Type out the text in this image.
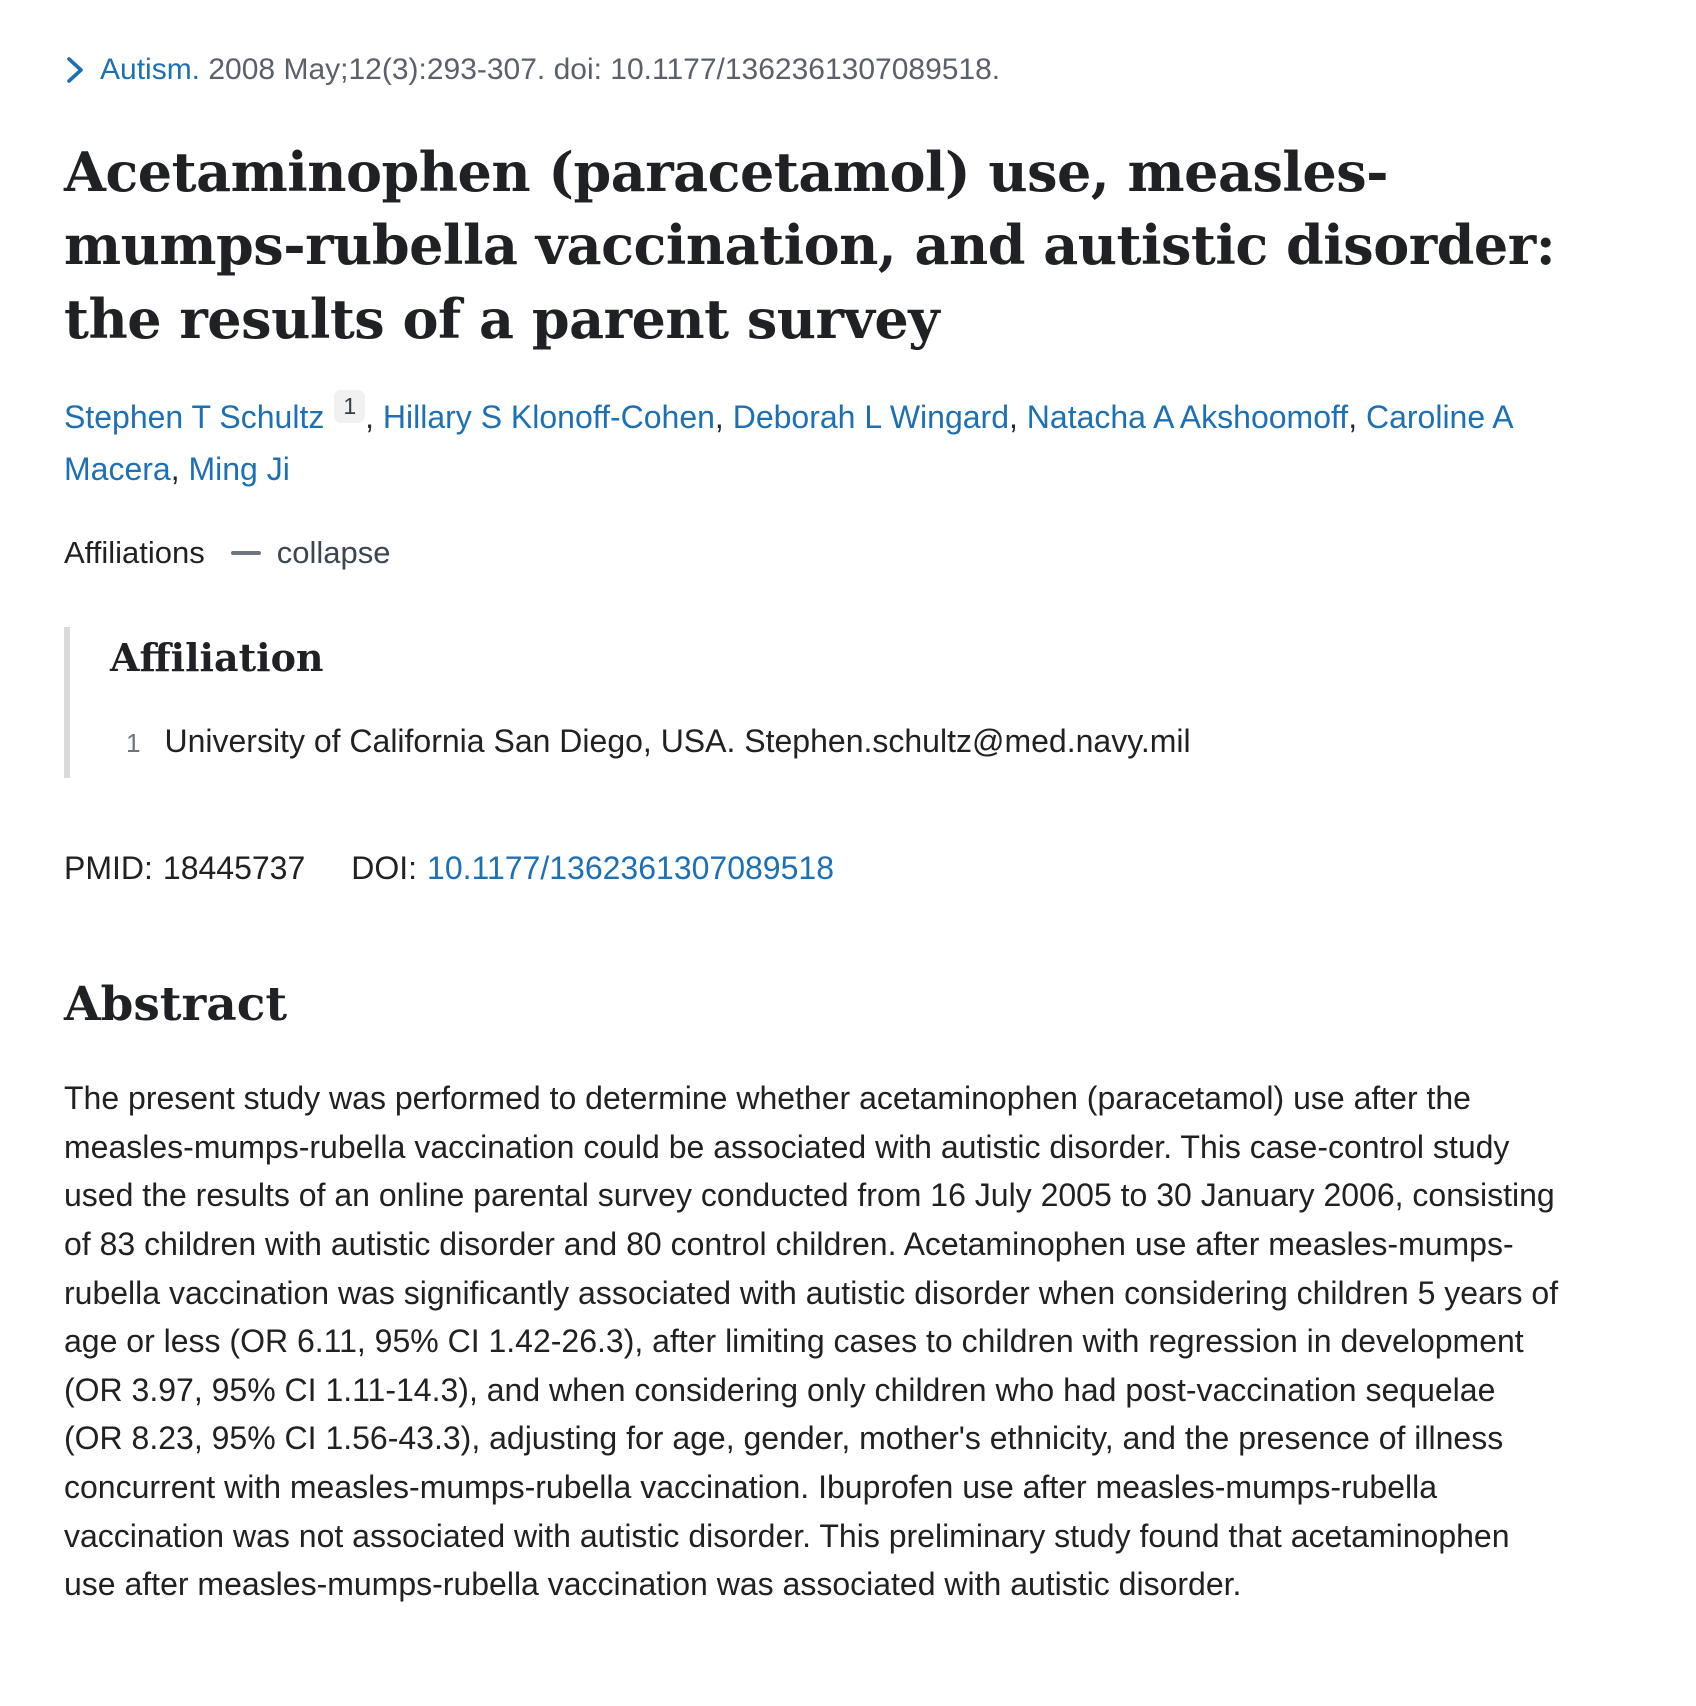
Autism. 2008 May;12(3):293-307. doi: 10.1177/1362361307089518.
Acetaminophen (paracetamol) use, measles-mumps-rubella vaccination, and autistic disorder: the results of a parent survey
Stephen T Schultz 1 , Hillary S Klonoff-Cohen, Deborah L Wingard, Natacha A Akshoomoff, Caroline A Macera, Ming Ji
Affiliations collapse
Affiliation
1 University of California San Diego, USA. Stephen.schultz@med.navy.mil
PMID: 18445737 DOI: 10.1177/1362361307089518
Abstract

The present study was performed to determine whether acetaminophen (paracetamol) use after the measles-mumps-rubella vaccination could be associated with autistic disorder. This case-control study used the results of an online parental survey conducted from 16 July 2005 to 30 January 2006, consisting of 83 children with autistic disorder and 80 control children. Acetaminophen use after measles-mumps-rubella vaccination was significantly associated with autistic disorder when considering children 5 years of age or less (OR 6.11, 95% CI 1.42-26.3), after limiting cases to children with regression in development (OR 3.97, 95% CI 1.11-14.3), and when considering only children who had post-vaccination sequelae (OR 8.23, 95% CI 1.56-43.3), adjusting for age, gender, mother's ethnicity, and the presence of illness concurrent with measles-mumps-rubella vaccination. Ibuprofen use after measles-mumps-rubella vaccination was not associated with autistic disorder. This preliminary study found that acetaminophen use after measles-mumps-rubella vaccination was associated with autistic disorder.
